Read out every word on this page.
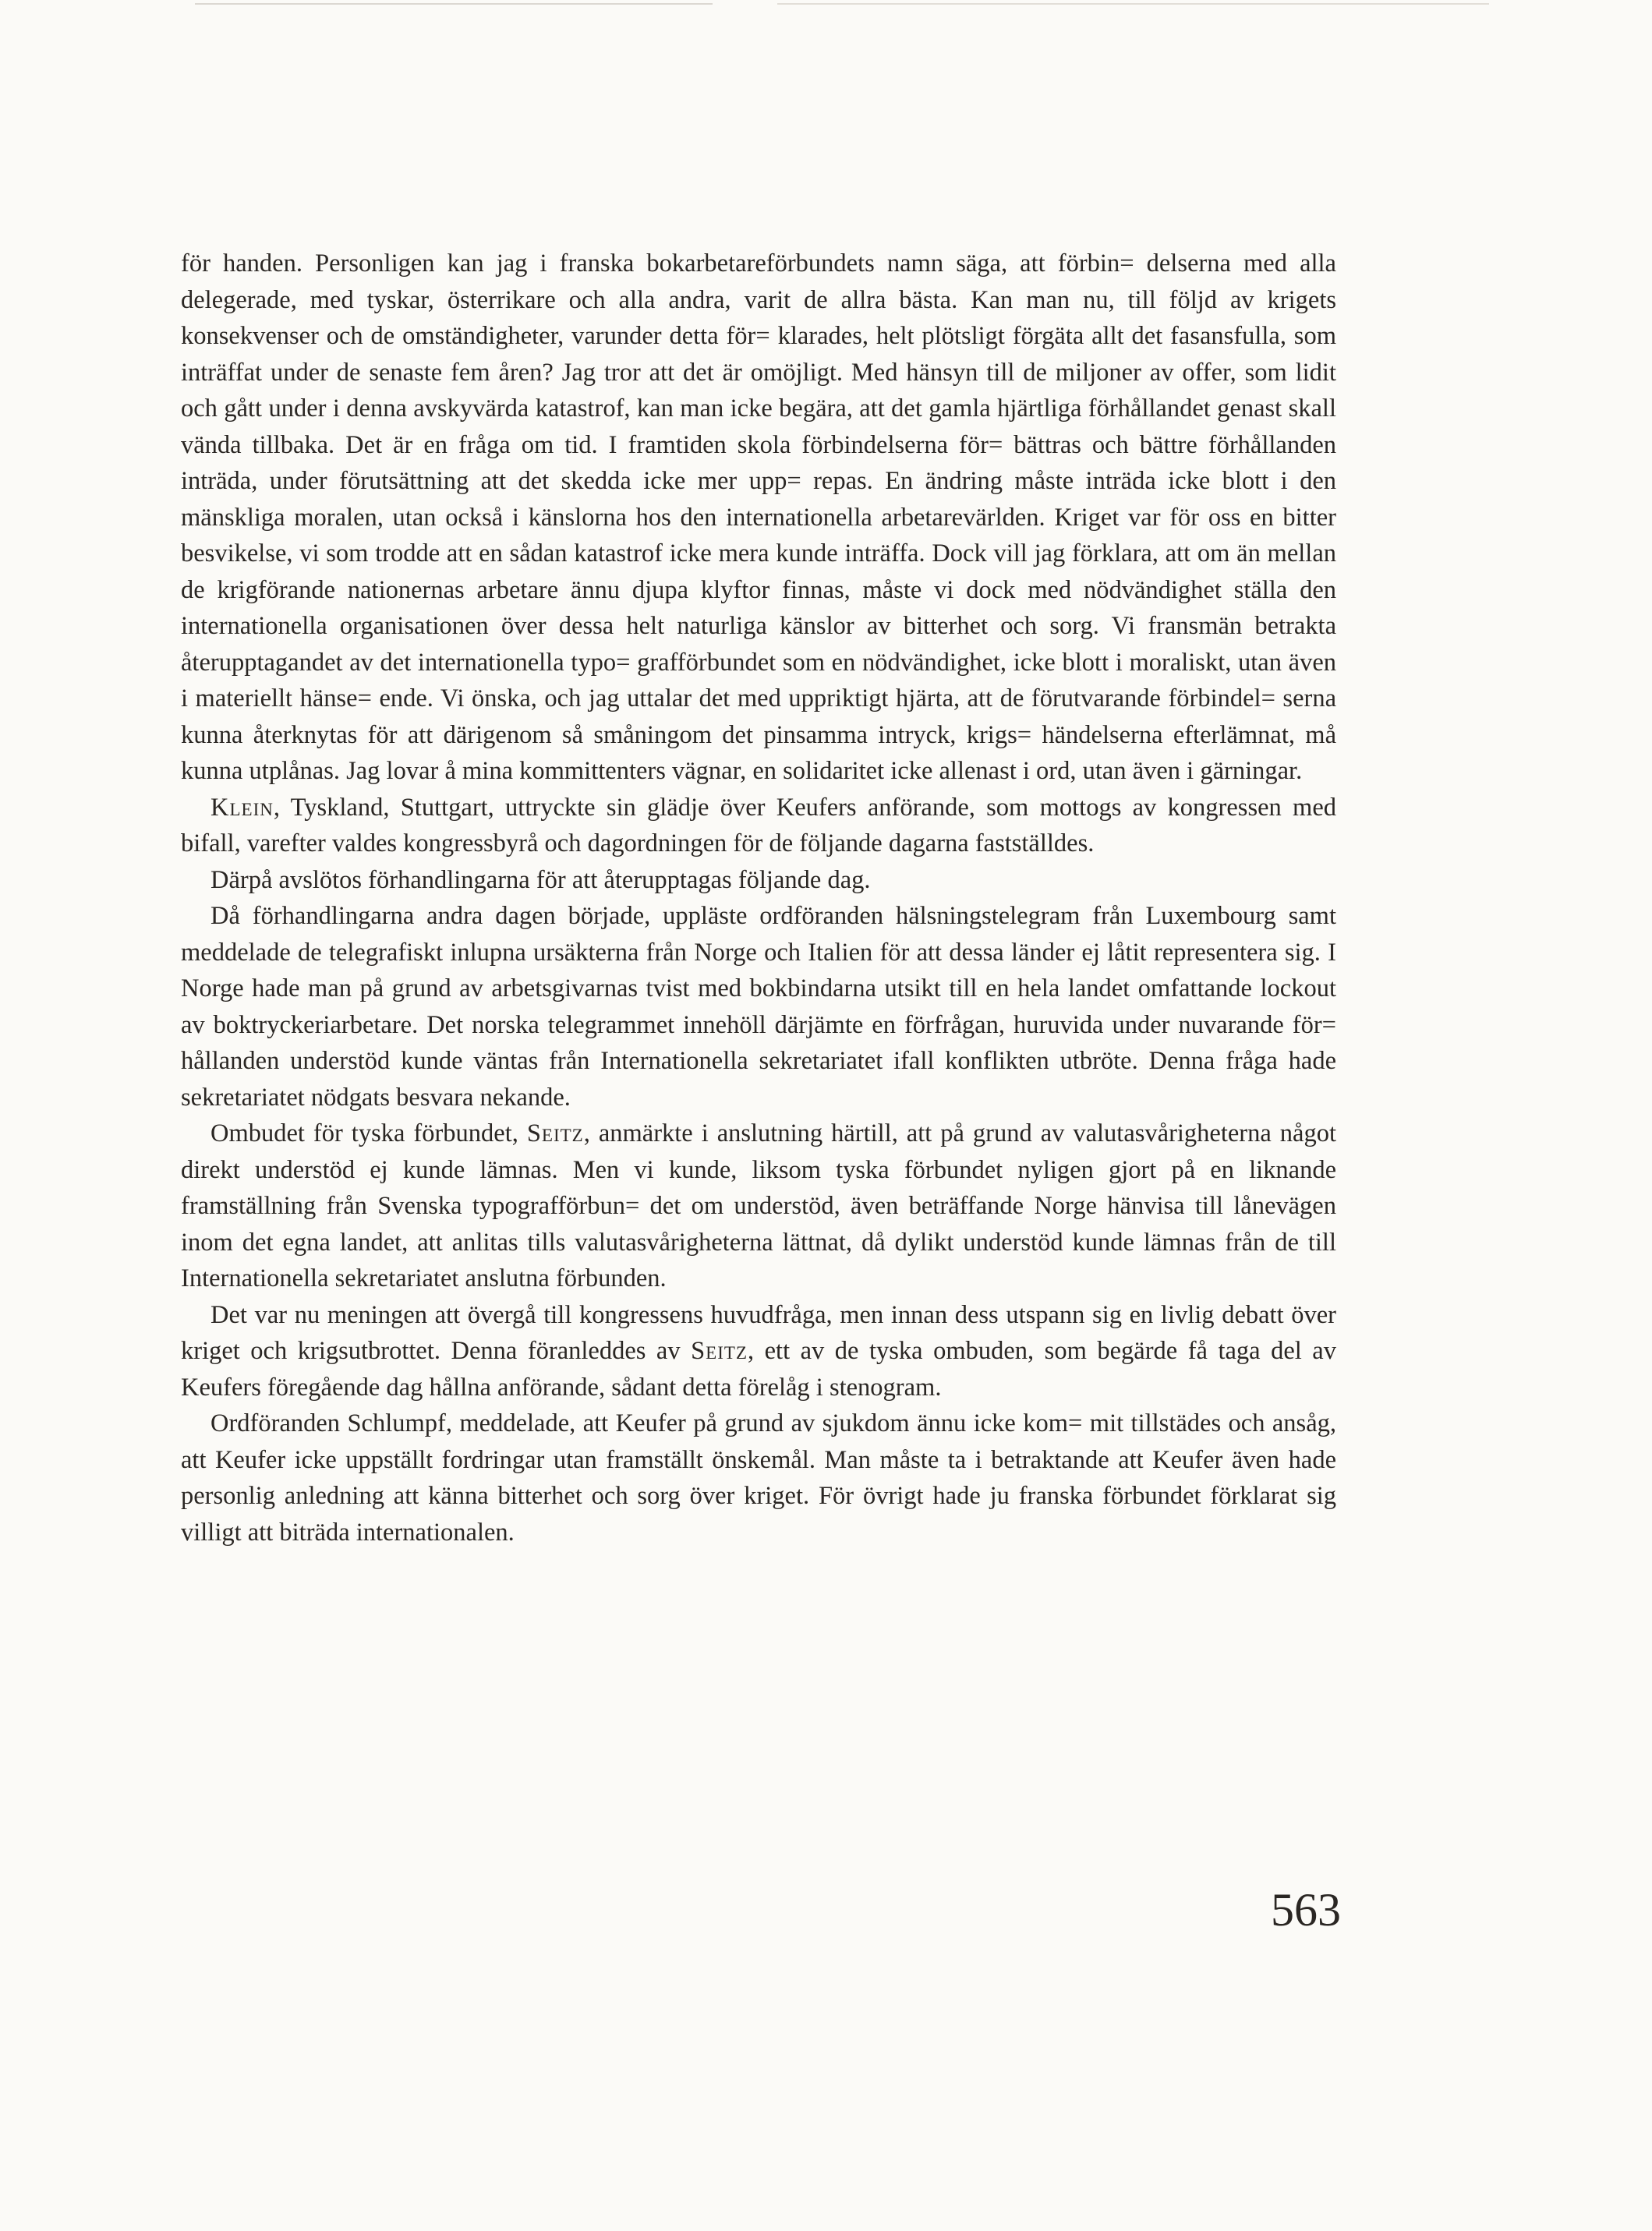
för handen. Personligen kan jag i franska bokarbetareförbundets namn säga, att förbin= delserna med alla delegerade, med tyskar, österrikare och alla andra, varit de allra bästa. Kan man nu, till följd av krigets konsekvenser och de omständigheter, varunder detta för= klarades, helt plötsligt förgäta allt det fasansfulla, som inträffat under de senaste fem åren? Jag tror att det är omöjligt. Med hänsyn till de miljoner av offer, som lidit och gått under i denna avskyvärda katastrof, kan man icke begära, att det gamla hjärtliga förhållandet genast skall vända tillbaka. Det är en fråga om tid. I framtiden skola förbindelserna för= bättras och bättre förhållanden inträda, under förutsättning att det skedda icke mer upp= repas. En ändring måste inträda icke blott i den mänskliga moralen, utan också i känslorna hos den internationella arbetarevärlden. Kriget var för oss en bitter besvikelse, vi som trodde att en sådan katastrof icke mera kunde inträffa. Dock vill jag förklara, att om än mellan de krigförande nationernas arbetare ännu djupa klyftor finnas, måste vi dock med nödvändighet ställa den internationella organisationen över dessa helt naturliga känslor av bitterhet och sorg. Vi fransmän betrakta återupptagandet av det internationella typo= grafförbundet som en nödvändighet, icke blott i moraliskt, utan även i materiellt hänse= ende. Vi önska, och jag uttalar det med uppriktigt hjärta, att de förutvarande förbindel= serna kunna återknytas för att därigenom så småningom det pinsamma intryck, krigs= händelserna efterlämnat, må kunna utplånas. Jag lovar å mina kommittenters vägnar, en solidaritet icke allenast i ord, utan även i gärningar.

Klein, Tyskland, Stuttgart, uttryckte sin glädje över Keufers anförande, som mottogs av kongressen med bifall, varefter valdes kongressbyrå och dagordningen för de följande dagarna fastställdes.

Därpå avslötos förhandlingarna för att återupptagas följande dag.

Då förhandlingarna andra dagen började, uppläste ordföranden hälsningstelegram från Luxembourg samt meddelade de telegrafiskt inlupna ursäkterna från Norge och Italien för att dessa länder ej låtit representera sig. I Norge hade man på grund av arbetsgivarnas tvist med bokbindarna utsikt till en hela landet omfattande lockout av boktryckeriarbetare. Det norska telegrammet innehöll därjämte en förfrågan, huruvida under nuvarande för= hållanden understöd kunde väntas från Internationella sekretariatet ifall konflikten utbröte. Denna fråga hade sekretariatet nödgats besvara nekande.

Ombudet för tyska förbundet, Seitz, anmärkte i anslutning härtill, att på grund av valutasvårigheterna något direkt understöd ej kunde lämnas. Men vi kunde, liksom tyska förbundet nyligen gjort på en liknande framställning från Svenska typografförbun= det om understöd, även beträffande Norge hänvisa till lånevägen inom det egna landet, att anlitas tills valutasvårigheterna lättnat, då dylikt understöd kunde lämnas från de till Internationella sekretariatet anslutna förbunden.

Det var nu meningen att övergå till kongressens huvudfråga, men innan dess utspann sig en livlig debatt över kriget och krigsutbrottet. Denna föranleddes av Seitz, ett av de tyska ombuden, som begärde få taga del av Keufers föregående dag hållna anförande, sådant detta förelåg i stenogram.

Ordföranden Schlumpf, meddelade, att Keufer på grund av sjukdom ännu icke kom= mit tillstädes och ansåg, att Keufer icke uppställt fordringar utan framställt önskemål. Man måste ta i betraktande att Keufer även hade personlig anledning att känna bitterhet och sorg över kriget. För övrigt hade ju franska förbundet förklarat sig villigt att biträda internationalen.

563
